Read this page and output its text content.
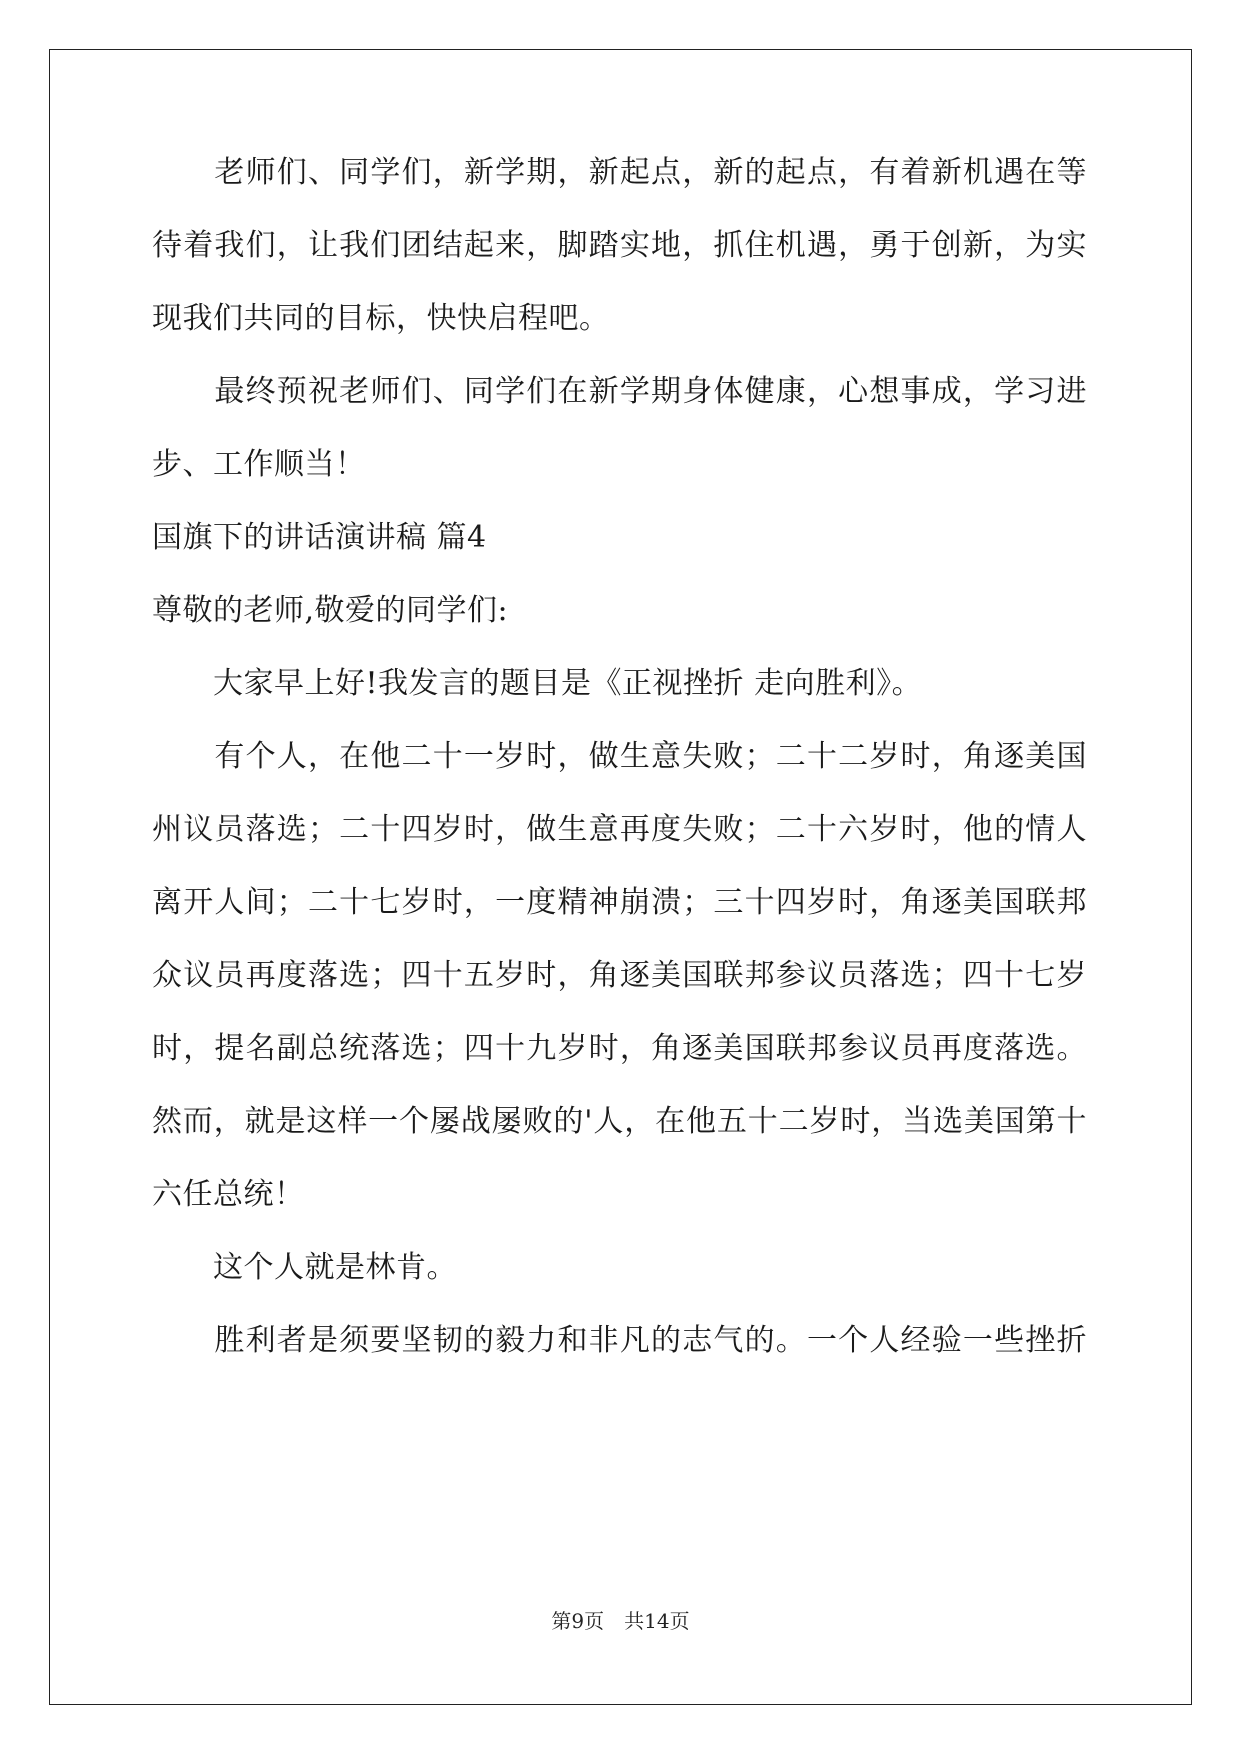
　　老师们、同学们，新学期，新起点，新的起点，有着新机遇在等
待着我们，让我们团结起来，脚踏实地，抓住机遇，勇于创新，为实
现我们共同的目标，快快启程吧。
　　最终预祝老师们、同学们在新学期身体健康，心想事成，学习进
步、工作顺当！
国旗下的讲话演讲稿 篇4
尊敬的老师,敬爱的同学们:
　　大家早上好!我发言的题目是《正视挫折 走向胜利》。
　　有个人，在他二十一岁时，做生意失败；二十二岁时，角逐美国
州议员落选；二十四岁时，做生意再度失败；二十六岁时，他的情人
离开人间；二十七岁时，一度精神崩溃；三十四岁时，角逐美国联邦
众议员再度落选；四十五岁时，角逐美国联邦参议员落选；四十七岁
时，提名副总统落选；四十九岁时，角逐美国联邦参议员再度落选。
然而，就是这样一个屡战屡败的'人，在他五十二岁时，当选美国第十
六任总统！
　　这个人就是林肯。
　　胜利者是须要坚韧的毅力和非凡的志气的。一个人经验一些挫折
第9页 共14页
